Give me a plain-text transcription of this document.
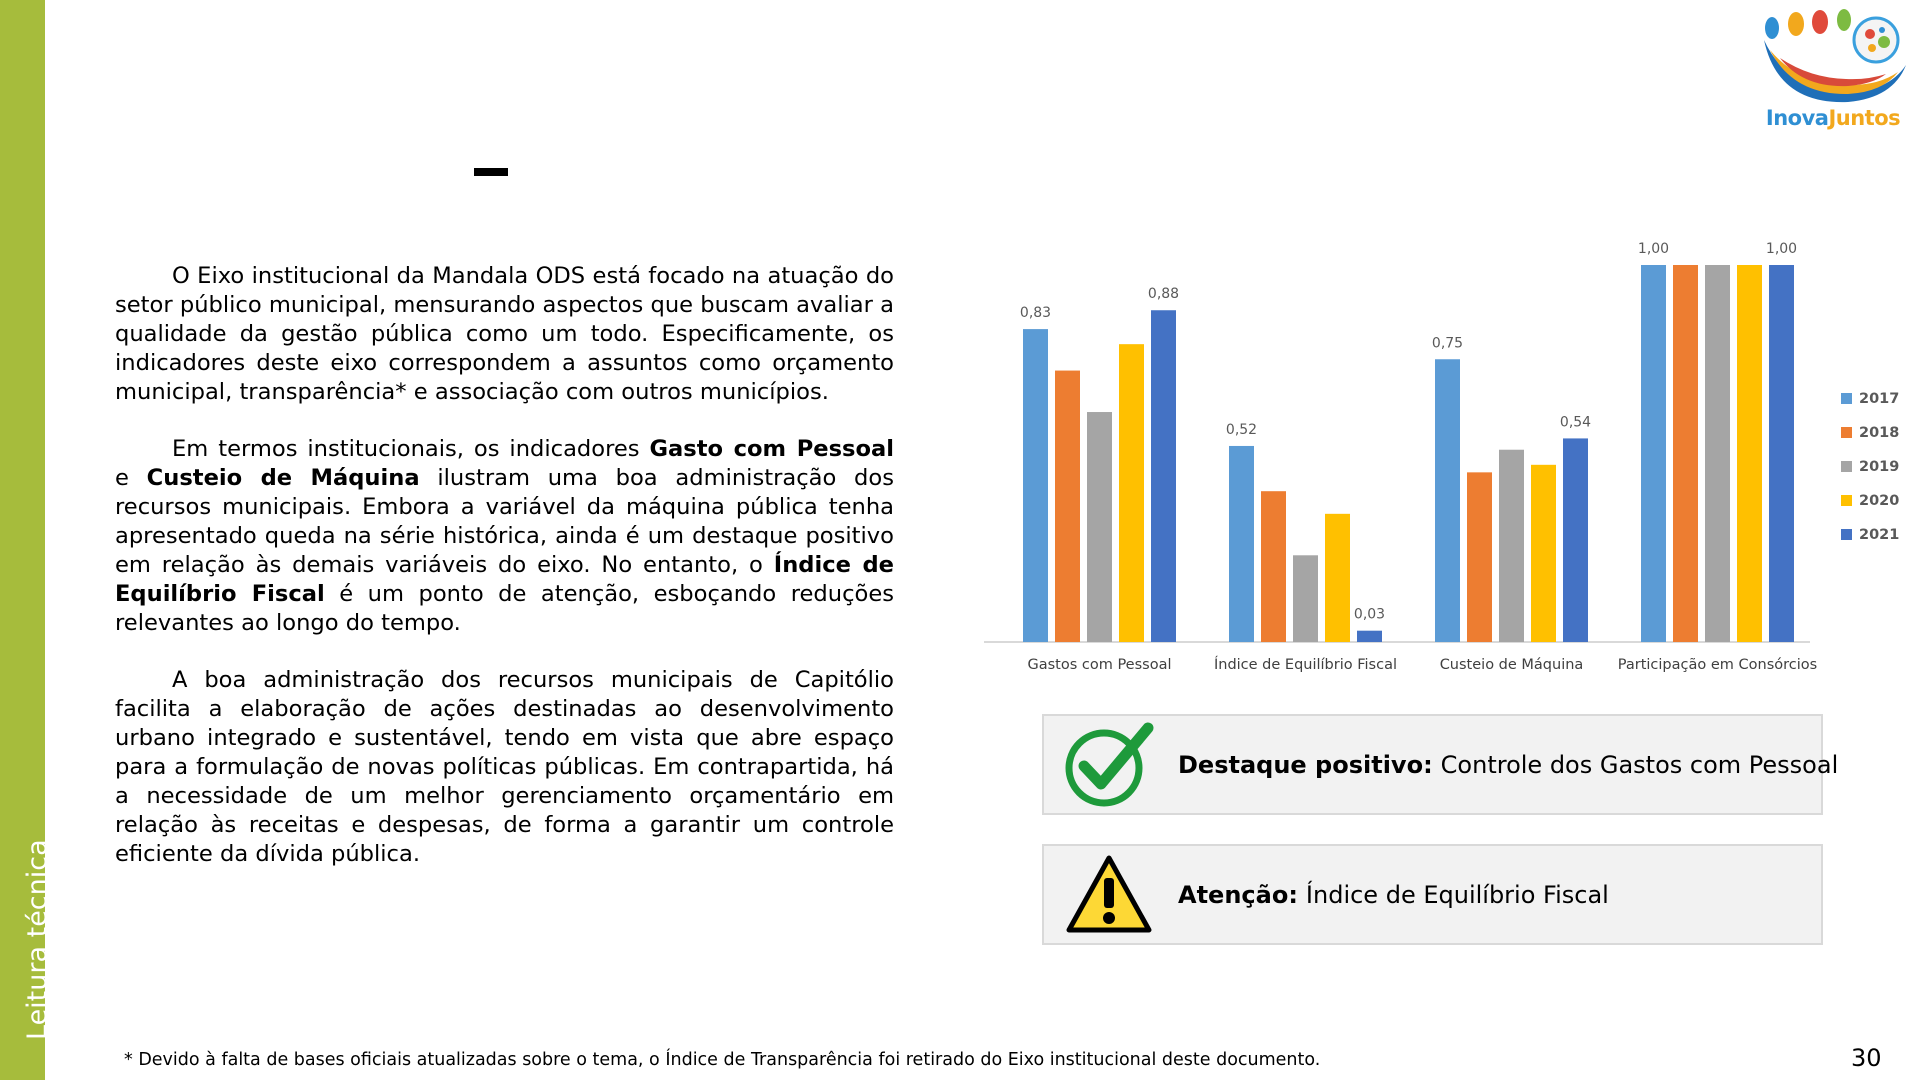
Leitura técnica
InovaJuntos

O Eixo institucional da Mandala ODS está focado na atuação do setor público municipal, mensurando aspectos que buscam avaliar a qualidade da gestão pública como um todo. Especificamente, os indicadores deste eixo correspondem a assuntos como orçamento municipal, transparência* e associação com outros municípios.

Em termos institucionais, os indicadores Gasto com Pessoal e Custeio de Máquina ilustram uma boa administração dos recursos municipais. Embora a variável da máquina pública tenha apresentado queda na série histórica, ainda é um destaque positivo em relação às demais variáveis do eixo. No entanto, o Índice de Equilíbrio Fiscal é um ponto de atenção, esboçando reduções relevantes ao longo do tempo.

A boa administração dos recursos municipais de Capitólio facilita a elaboração de ações destinadas ao desenvolvimento urbano integrado e sustentável, tendo em vista que abre espaço para a formulação de novas políticas públicas. Em contrapartida, há a necessidade de um melhor gerenciamento orçamentário em relação às receitas e despesas, de forma a garantir um controle eficiente da dívida pública.

0,83
0,88
Gastos com Pessoal
0,52
0,03
Índice de Equilíbrio Fiscal
0,75
0,54
Custeio de Máquina
1,00	1,00
Participação em Consórcios
2017
2018
2019
2020
2021
Destaque positivo: Controle dos Gastos com Pessoal
Atenção: Índice de Equilíbrio Fiscal
* Devido à falta de bases oficiais atualizadas sobre o tema, o Índice de Transparência foi retirado do Eixo institucional deste documento.	30
